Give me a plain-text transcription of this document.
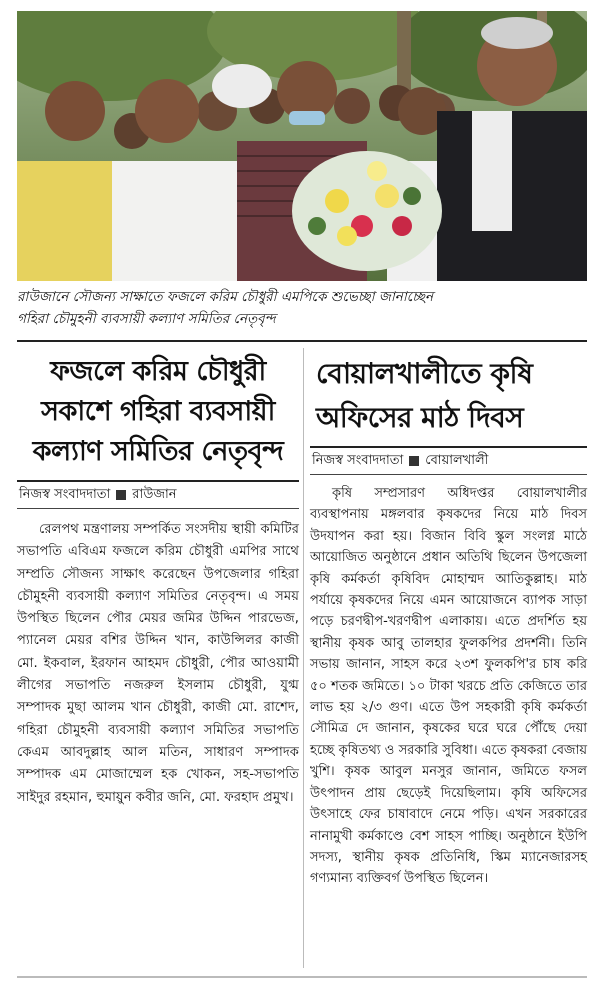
রাউজানে সৌজন্য সাক্ষাতে ফজলে করিম চৌধুরী এমপিকে শুভেচ্ছা জানাচ্ছেন
গহিরা চৌমুহনী ব্যবসায়ী কল্যাণ সমিতির নেতৃবৃন্দ
ফজলে করিম চৌধুরী
সকাশে গহিরা ব্যবসায়ী
কল্যাণ সমিতির নেতৃবৃন্দ
নিজস্ব সংবাদদাতা রাউজান
রেলপথ মন্ত্রণালয় সম্পর্কিত সংসদীয় স্থায়ী কমিটির সভাপতি এবিএম ফজলে করিম চৌধুরী এমপির সাথে সম্প্রতি সৌজন্য সাক্ষাৎ করেছেন উপজেলার গহিরা চৌমুহনী ব্যবসায়ী কল্যাণ সমিতির নেতৃবৃন্দ। এ সময় উপস্থিত ছিলেন পৌর মেয়র জমির উদ্দিন পারভেজ, প্যানেল মেয়র বশির উদ্দিন খান, কাউন্সিলর কাজী মো. ইকবাল, ইরফান আহমদ চৌধুরী, পৌর আওয়ামী লীগের সভাপতি নজরুল ইসলাম চৌধুরী, যুগ্ম সম্পাদক মুছা আলম খান চৌধুরী, কাজী মো. রাশেদ, গহিরা চৌমুহনী ব্যবসায়ী কল্যাণ সমিতির সভাপতি কেএম আবদুল্লাহ আল মতিন, সাধারণ সম্পাদক সম্পাদক এম মোজাম্মেল হক খোকন, সহ-সভাপতি সাইদুর রহমান, হুমায়ুন কবীর জনি, মো. ফরহাদ প্রমুখ।
বোয়ালখালীতে কৃষি
অফিসের মাঠ দিবস
নিজস্ব সংবাদদাতা বোয়ালখালী
কৃষি সম্প্রসারণ অধিদপ্তর বোয়ালখালীর ব্যবস্থাপনায় মঙ্গলবার কৃষকদের নিয়ে মাঠ দিবস উদযাপন করা হয়। বিজান বিবি স্কুল সংলগ্ন মাঠে আয়োজিত অনুষ্ঠানে প্রধান অতিথি ছিলেন উপজেলা কৃষি কর্মকর্তা কৃষিবিদ মোহাম্মদ আতিকুল্লাহ। মাঠ পর্যায়ে কৃষকদের নিয়ে এমন আয়োজনে ব্যাপক সাড়া পড়ে চরণদ্বীপ-খরণদ্বীপ এলাকায়। এতে প্রদর্শিত হয় স্থানীয় কৃষক আবু তালহার ফুলকপির প্রদর্শনী। তিনি সভায় জানান, সাহস করে ২৩শ ফুলকপি'র চাষ করি ৫০ শতক জমিতে। ১০ টাকা খরচে প্রতি কেজিতে তার লাভ হয় ২/৩ গুণ। এতে উপ সহকারী কৃষি কর্মকর্তা সৌমিত্র দে জানান, কৃষকের ঘরে ঘরে পৌঁছে দেয়া হচ্ছে কৃষিতথ্য ও সরকারি সুবিধা। এতে কৃষকরা বেজায় খুশি। কৃষক আবুল মনসুর জানান, জমিতে ফসল উৎপাদন প্রায় ছেড়েই দিয়েছিলাম। কৃষি অফিসের উৎসাহে ফের চাষাবাদে নেমে পড়ি। এখন সরকারের নানামুখী কর্মকাণ্ডে বেশ সাহস পাচ্ছি। অনুষ্ঠানে ইউপি সদস্য, স্থানীয় কৃষক প্রতিনিধি, স্কিম ম্যানেজারসহ গণ্যমান্য ব্যক্তিবর্গ উপস্থিত ছিলেন।
